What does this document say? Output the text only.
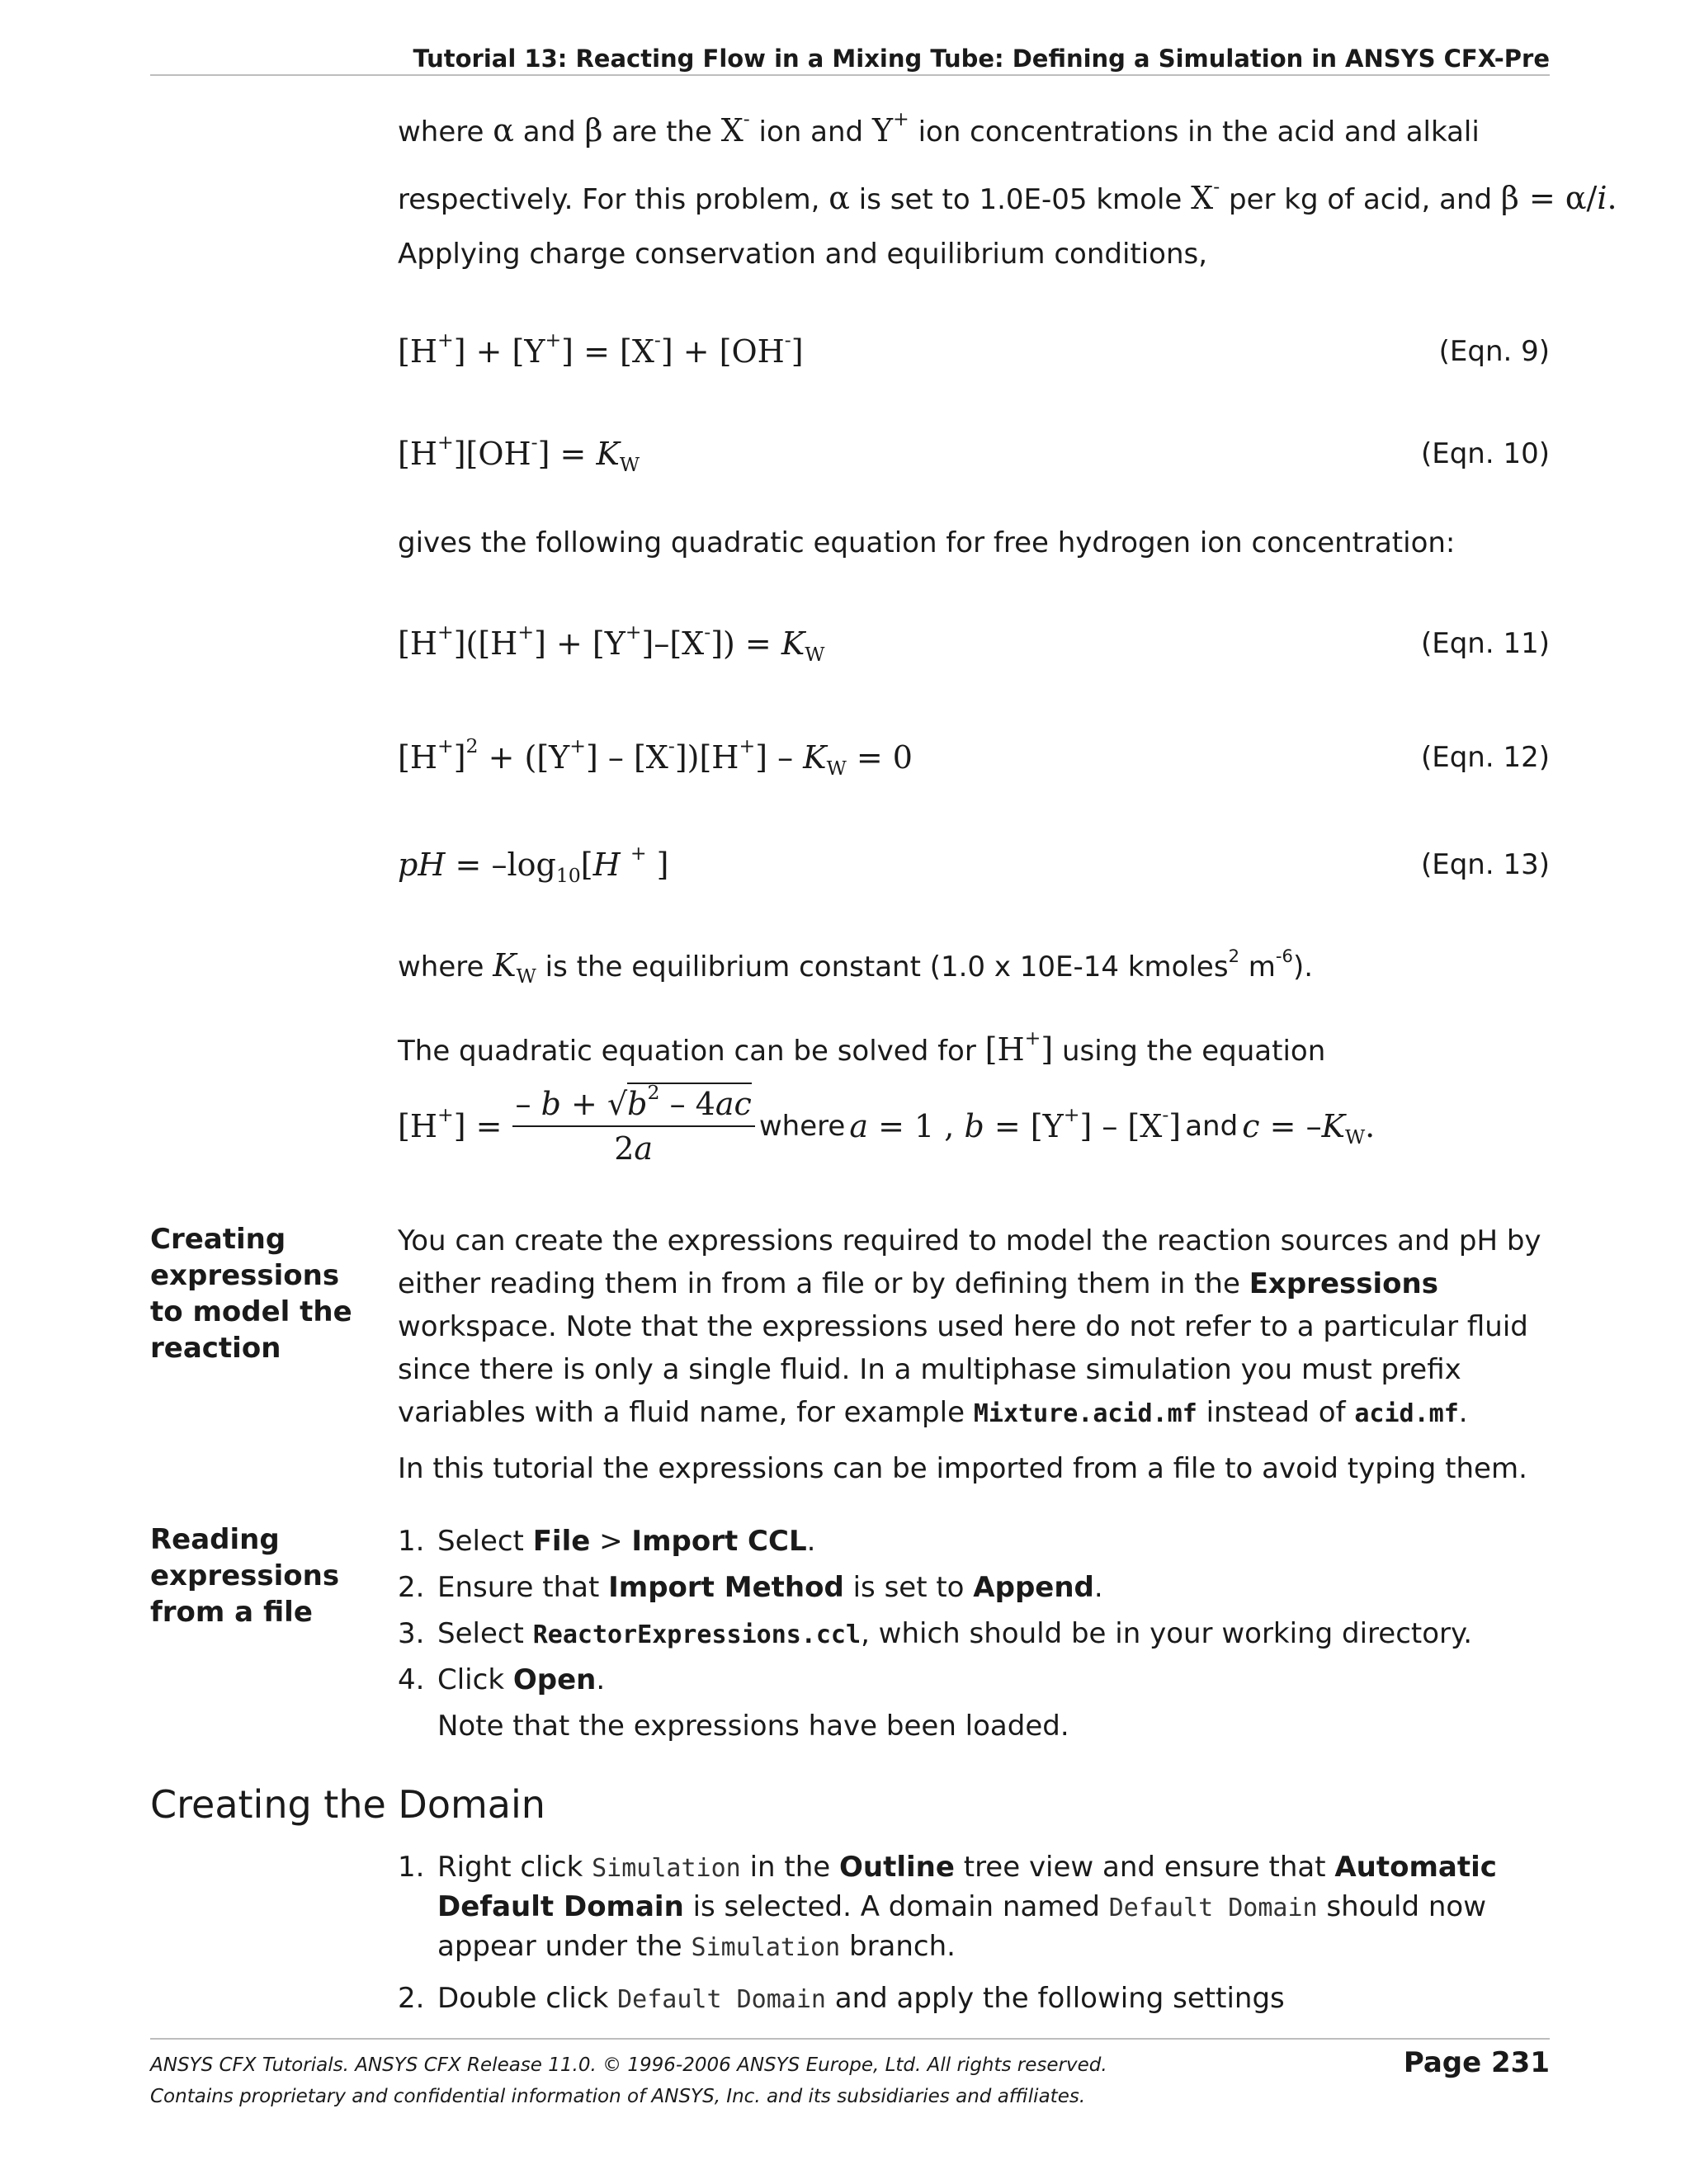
Tutorial 13: Reacting Flow in a Mixing Tube: Defining a Simulation in ANSYS CFX-Pre
where α and β are the X- ion and Y+ ion concentrations in the acid and alkali
respectively. For this problem, α is set to 1.0E-05 kmole X- per kg of acid, and β = α/i.
Applying charge conservation and equilibrium conditions,
[H+] + [Y+] = [X-] + [OH-]	(Eqn. 9)
$[H^+][OH^-] = K_W$	(Eqn. 10)
gives the following quadratic equation for free hydrogen ion concentration:
$[H^+]([H^+] + [Y^+]-[X^-]) = K_W$	(Eqn. 11)
$[H^+]^2 + ([Y^+] - [X^-])[H^+] - K_W = 0$	(Eqn. 12)
pH = $-\log_{10}[H$ + ]	(Eqn. 13)
where $K_W$ is the equilibrium constant (1.0 x 10E-14 kmoles$^2$ $m^{-6}$).
The quadratic equation can be solved for [H+] using the equation
$[H^+] = \frac{- b + √b^2 - 4ac}{2a}$ where a = 1 , b = [Y+] – [X-] and $c = -K_W$.
Creating expressions to model the reaction
You can create the expressions required to model the reaction sources and pH by either reading them in from a file or by defining them in the Expressions workspace. Note that the expressions used here do not refer to a particular fluid since there is only a single fluid. In a multiphase simulation you must prefix variables with a fluid name, for example Mixture.acid.mf instead of acid.mf.
In this tutorial the expressions can be imported from a file to avoid typing them.
Reading expressions from a file
1. Select File > Import CCL.
2. Ensure that Import Method is set to Append.
3. Select ReactorExpressions.ccl, which should be in your working directory.
4. Click Open.
Note that the expressions have been loaded.
Creating the Domain
1. Right click Simulation in the Outline tree view and ensure that Automatic Default Domain is selected. A domain named Default Domain should now appear under the Simulation branch.
2. Double click Default Domain and apply the following settings
ANSYS CFX Tutorials. ANSYS CFX Release 11.0. © 1996-2006 ANSYS Europe, Ltd. All rights reserved.
Contains proprietary and confidential information of ANSYS, Inc. and its subsidiaries and affiliates.
Page 231
